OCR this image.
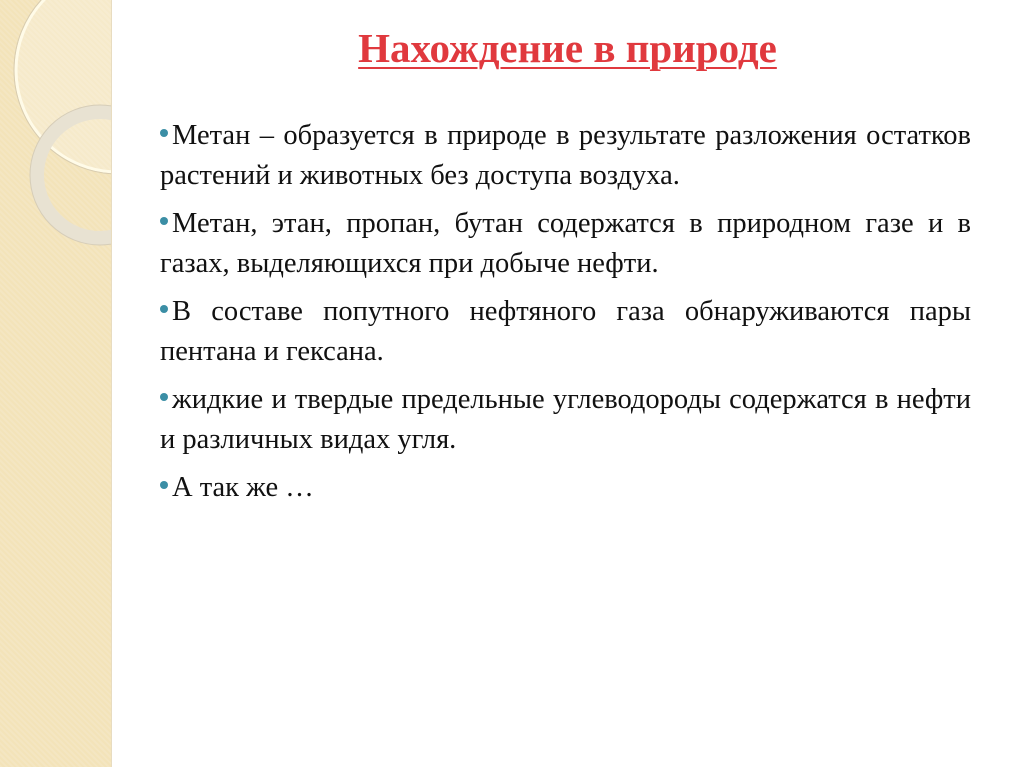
Нахождение в природе

Метан – образуется в природе в результате разложения остатков растений и животных без доступа воздуха.

Метан, этан, пропан, бутан содержатся в природном газе и в газах, выделяющихся при добыче нефти.

В составе попутного нефтяного газа обнаруживаются пары пентана и гексана.

жидкие и твердые предельные углеводороды содержатся в нефти и различных видах угля.

А так же …
